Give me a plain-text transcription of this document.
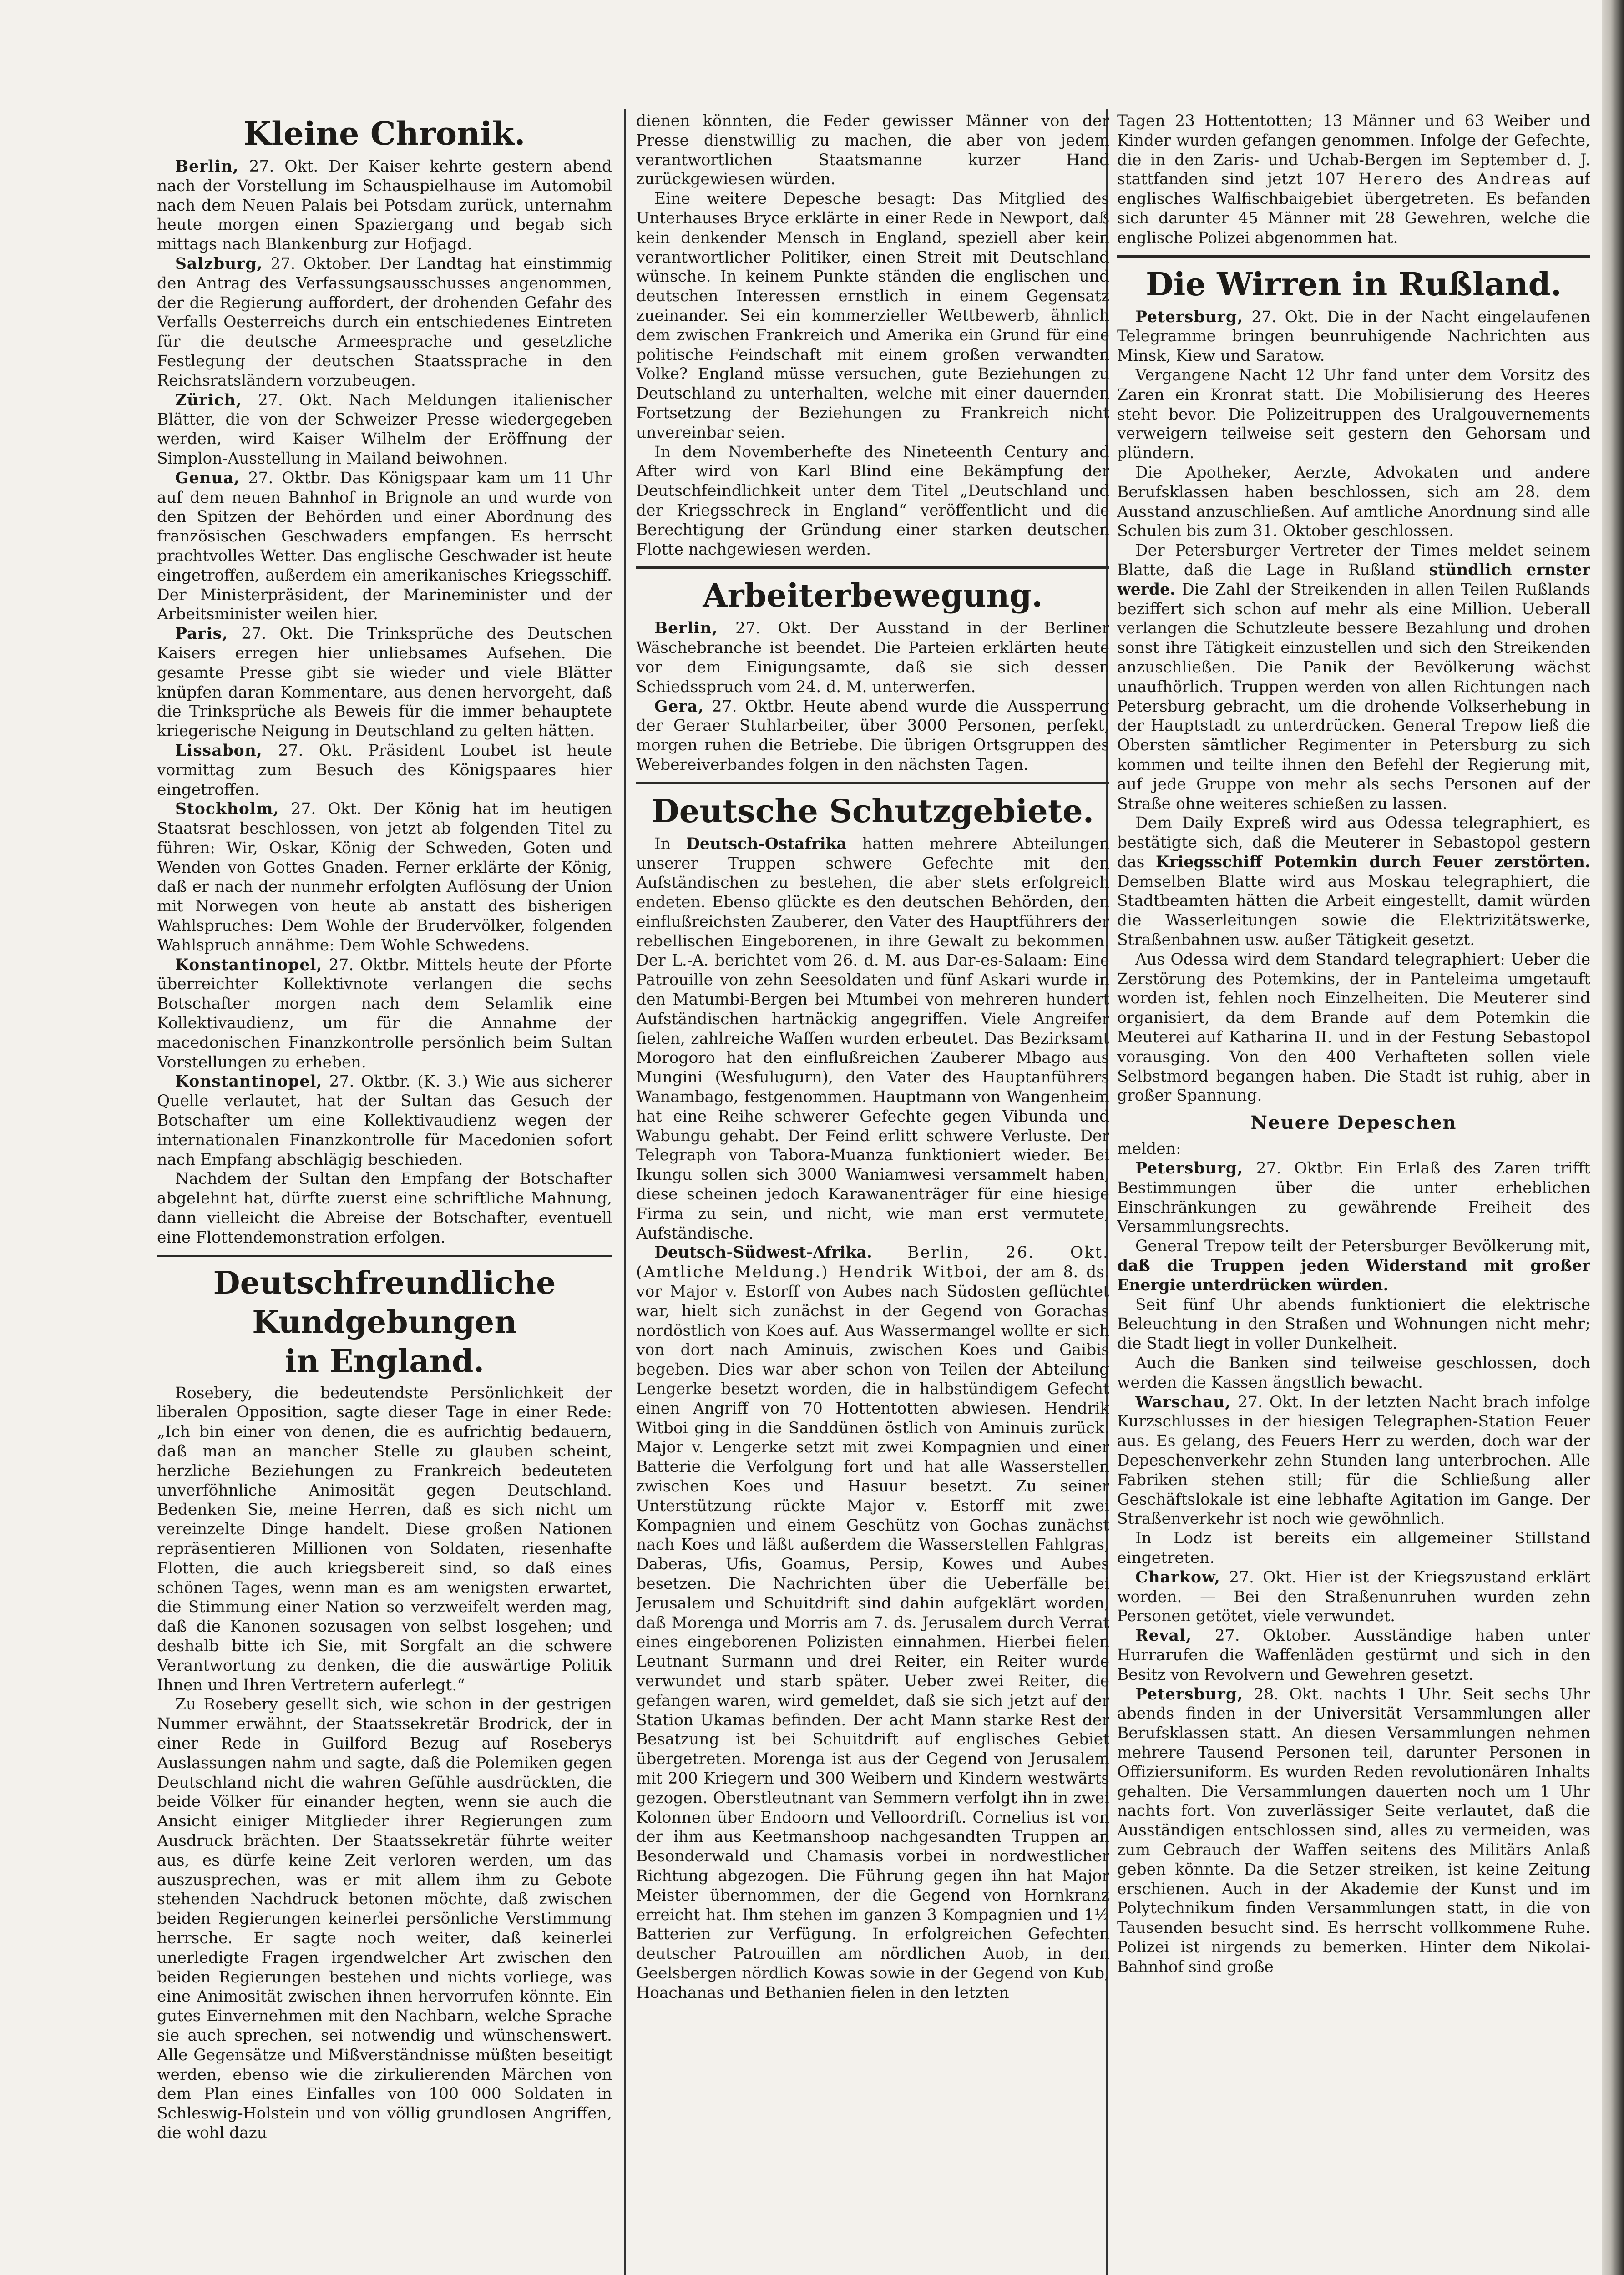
Kleine Chronik.

Berlin, 27. Okt. Der Kaiser kehrte gestern abend nach der Vorstellung im Schauspielhause im Automobil nach dem Neuen Palais bei Potsdam zurück, unternahm heute morgen einen Spaziergang und begab sich mittags nach Blankenburg zur Hofjagd.

Salzburg, 27. Oktober. Der Landtag hat einstimmig den Antrag des Verfassungsausschusses angenommen, der die Regierung auffordert, der drohenden Gefahr des Verfalls Oesterreichs durch ein entschiedenes Eintreten für die deutsche Armeesprache und gesetzliche Festlegung der deutschen Staatssprache in den Reichsratsländern vorzubeugen.

Zürich, 27. Okt. Nach Meldungen italienischer Blätter, die von der Schweizer Presse wiedergegeben werden, wird Kaiser Wilhelm der Eröffnung der Simplon-Ausstellung in Mailand beiwohnen.

Genua, 27. Oktbr. Das Königspaar kam um 11 Uhr auf dem neuen Bahnhof in Brignole an und wurde von den Spitzen der Behörden und einer Abordnung des französischen Geschwaders empfangen. Es herrscht prachtvolles Wetter. Das englische Geschwader ist heute eingetroffen, außerdem ein amerikanisches Kriegsschiff. Der Ministerpräsident, der Marineminister und der Arbeitsminister weilen hier.

Paris, 27. Okt. Die Trinksprüche des Deutschen Kaisers erregen hier unliebsames Aufsehen. Die gesamte Presse gibt sie wieder und viele Blätter knüpfen daran Kommentare, aus denen hervorgeht, daß die Trinksprüche als Beweis für die immer behauptete kriegerische Neigung in Deutschland zu gelten hätten.

Lissabon, 27. Okt. Präsident Loubet ist heute vormittag zum Besuch des Königspaares hier eingetroffen.

Stockholm, 27. Okt. Der König hat im heutigen Staatsrat beschlossen, von jetzt ab folgenden Titel zu führen: Wir, Oskar, König der Schweden, Goten und Wenden von Gottes Gnaden. Ferner erklärte der König, daß er nach der nunmehr erfolgten Auflösung der Union mit Norwegen von heute ab anstatt des bisherigen Wahlspruches: Dem Wohle der Brudervölker, folgenden Wahlspruch annähme: Dem Wohle Schwedens.

Konstantinopel, 27. Oktbr. Mittels heute der Pforte überreichter Kollektivnote verlangen die sechs Botschafter morgen nach dem Selamlik eine Kollektivaudienz, um für die Annahme der macedonischen Finanzkontrolle persönlich beim Sultan Vorstellungen zu erheben.

Konstantinopel, 27. Oktbr. (K. 3.) Wie aus sicherer Quelle verlautet, hat der Sultan das Gesuch der Botschafter um eine Kollektivaudienz wegen der internationalen Finanzkontrolle für Macedonien sofort nach Empfang abschlägig beschieden.

Nachdem der Sultan den Empfang der Botschafter abgelehnt hat, dürfte zuerst eine schriftliche Mahnung, dann vielleicht die Abreise der Botschafter, eventuell eine Flottendemonstration erfolgen.

Deutschfreundliche Kundgebungen
in England.

Rosebery, die bedeutendste Persönlichkeit der liberalen Opposition, sagte dieser Tage in einer Rede: „Ich bin einer von denen, die es aufrichtig bedauern, daß man an mancher Stelle zu glauben scheint, herzliche Beziehungen zu Frankreich bedeuteten unverföhnliche Animosität gegen Deutschland. Bedenken Sie, meine Herren, daß es sich nicht um vereinzelte Dinge handelt. Diese großen Nationen repräsentieren Millionen von Soldaten, riesenhafte Flotten, die auch kriegsbereit sind, so daß eines schönen Tages, wenn man es am wenigsten erwartet, die Stimmung einer Nation so verzweifelt werden mag, daß die Kanonen sozusagen von selbst losgehen; und deshalb bitte ich Sie, mit Sorgfalt an die schwere Verantwortung zu denken, die die auswärtige Politik Ihnen und Ihren Vertretern auferlegt.“

Zu Rosebery gesellt sich, wie schon in der gestrigen Nummer erwähnt, der Staatssekretär Brodrick, der in einer Rede in Guilford Bezug auf Roseberys Auslassungen nahm und sagte, daß die Polemiken gegen Deutschland nicht die wahren Gefühle ausdrückten, die beide Völker für einander hegten, wenn sie auch die Ansicht einiger Mitglieder ihrer Regierungen zum Ausdruck brächten. Der Staatssekretär führte weiter aus, es dürfe keine Zeit verloren werden, um das auszusprechen, was er mit allem ihm zu Gebote stehenden Nachdruck betonen möchte, daß zwischen beiden Regierungen keinerlei persönliche Verstimmung herrsche. Er sagte noch weiter, daß keinerlei unerledigte Fragen irgendwelcher Art zwischen den beiden Regierungen bestehen und nichts vorliege, was eine Animosität zwischen ihnen hervorrufen könnte. Ein gutes Einvernehmen mit den Nachbarn, welche Sprache sie auch sprechen, sei notwendig und wünschenswert. Alle Gegensätze und Mißverständnisse müßten beseitigt werden, ebenso wie die zirkulierenden Märchen von dem Plan eines Einfalles von 100 000 Soldaten in Schleswig-Holstein und von völlig grundlosen Angriffen, die wohl dazu

dienen könnten, die Feder gewisser Männer von der Presse dienstwillig zu machen, die aber von jedem verantwortlichen Staatsmanne kurzer Hand zurückgewiesen würden.

Eine weitere Depesche besagt: Das Mitglied des Unterhauses Bryce erklärte in einer Rede in Newport, daß kein denkender Mensch in England, speziell aber kein verantwortlicher Politiker, einen Streit mit Deutschland wünsche. In keinem Punkte ständen die englischen und deutschen Interessen ernstlich in einem Gegensatz zueinander. Sei ein kommerzieller Wettbewerb, ähnlich dem zwischen Frankreich und Amerika ein Grund für eine politische Feindschaft mit einem großen verwandten Volke? England müsse versuchen, gute Beziehungen zu Deutschland zu unterhalten, welche mit einer dauernden Fortsetzung der Beziehungen zu Frankreich nicht unvereinbar seien.

In dem Novemberhefte des Nineteenth Century and After wird von Karl Blind eine Bekämpfung der Deutschfeindlichkeit unter dem Titel „Deutschland und der Kriegsschreck in England“ veröffentlicht und die Berechtigung der Gründung einer starken deutschen Flotte nachgewiesen werden.

Arbeiterbewegung.

Berlin, 27. Okt. Der Ausstand in der Berliner Wäschebranche ist beendet. Die Parteien erklärten heute vor dem Einigungsamte, daß sie sich dessen Schiedsspruch vom 24. d. M. unterwerfen.

Gera, 27. Oktbr. Heute abend wurde die Aussperrung der Geraer Stuhlarbeiter, über 3000 Personen, perfekt, morgen ruhen die Betriebe. Die übrigen Ortsgruppen des Webereiverbandes folgen in den nächsten Tagen.

Deutsche Schutzgebiete.

In Deutsch-Ostafrika hatten mehrere Abteilungen unserer Truppen schwere Gefechte mit den Aufständischen zu bestehen, die aber stets erfolgreich endeten. Ebenso glückte es den deutschen Behörden, den einflußreichsten Zauberer, den Vater des Hauptführers der rebellischen Eingeborenen, in ihre Gewalt zu bekommen. Der L.-A. berichtet vom 26. d. M. aus Dar-es-Salaam: Eine Patrouille von zehn Seesoldaten und fünf Askari wurde in den Matumbi-Bergen bei Mtumbei von mehreren hundert Aufständischen hartnäckig angegriffen. Viele Angreifer fielen, zahlreiche Waffen wurden erbeutet. Das Bezirksamt Morogoro hat den einflußreichen Zauberer Mbago aus Mungini (Wesfulugurn), den Vater des Hauptanführers Wanambago, festgenommen. Hauptmann von Wangenheim hat eine Reihe schwerer Gefechte gegen Vibunda und Wabungu gehabt. Der Feind erlitt schwere Verluste. Der Telegraph von Tabora-Muanza funktioniert wieder. Bei Ikungu sollen sich 3000 Waniamwesi versammelt haben, diese scheinen jedoch Karawanenträger für eine hiesige Firma zu sein, und nicht, wie man erst vermutete, Aufständische.

Deutsch-Südwest-Afrika. Berlin, 26. Okt. (Amtliche Meldung.) Hendrik Witboi, der am 8. ds. vor Major v. Estorff von Aubes nach Südosten geflüchtet war, hielt sich zunächst in der Gegend von Gorachas nordöstlich von Koes auf. Aus Wassermangel wollte er sich von dort nach Aminuis, zwischen Koes und Gaibis begeben. Dies war aber schon von Teilen der Abteilung Lengerke besetzt worden, die in halbstündigem Gefecht einen Angriff von 70 Hottentotten abwiesen. Hendrik Witboi ging in die Sanddünen östlich von Aminuis zurück. Major v. Lengerke setzt mit zwei Kompagnien und einer Batterie die Verfolgung fort und hat alle Wasserstellen zwischen Koes und Hasuur besetzt. Zu seiner Unterstützung rückte Major v. Estorff mit zwei Kompagnien und einem Geschütz von Gochas zunächst nach Koes und läßt außerdem die Wasserstellen Fahlgras, Daberas, Ufis, Goamus, Persip, Kowes und Aubes besetzen. Die Nachrichten über die Ueberfälle bei Jerusalem und Schuitdrift sind dahin aufgeklärt worden, daß Morenga und Morris am 7. ds. Jerusalem durch Verrat eines eingeborenen Polizisten einnahmen. Hierbei fielen Leutnant Surmann und drei Reiter, ein Reiter wurde verwundet und starb später. Ueber zwei Reiter, die gefangen waren, wird gemeldet, daß sie sich jetzt auf der Station Ukamas befinden. Der acht Mann starke Rest der Besatzung ist bei Schuitdrift auf englisches Gebiet übergetreten. Morenga ist aus der Gegend von Jerusalem mit 200 Kriegern und 300 Weibern und Kindern westwärts gezogen. Oberstleutnant van Semmern verfolgt ihn in zwei Kolonnen über Endoorn und Velloordrift. Cornelius ist von der ihm aus Keetmanshoop nachgesandten Truppen an Besonderwald und Chamasis vorbei in nordwestlicher Richtung abgezogen. Die Führung gegen ihn hat Major Meister übernommen, der die Gegend von Hornkranz erreicht hat. Ihm stehen im ganzen 3 Kompagnien und 1½ Batterien zur Verfügung. In erfolgreichen Gefechten deutscher Patrouillen am nördlichen Auob, in den Geelsbergen nördlich Kowas sowie in der Gegend von Kub, Hoachanas und Bethanien fielen in den letzten

Tagen 23 Hottentotten; 13 Männer und 63 Weiber und Kinder wurden gefangen genommen. Infolge der Gefechte, die in den Zaris- und Uchab-Bergen im September d. J. stattfanden sind jetzt 107 Herero des Andreas auf englisches Walfischbaigebiet übergetreten. Es befanden sich darunter 45 Männer mit 28 Gewehren, welche die englische Polizei abgenommen hat.

Die Wirren in Rußland.

Petersburg, 27. Okt. Die in der Nacht eingelaufenen Telegramme bringen beunruhigende Nachrichten aus Minsk, Kiew und Saratow.

Vergangene Nacht 12 Uhr fand unter dem Vorsitz des Zaren ein Kronrat statt. Die Mobilisierung des Heeres steht bevor. Die Polizeitruppen des Uralgouvernements verweigern teilweise seit gestern den Gehorsam und plündern.

Die Apotheker, Aerzte, Advokaten und andere Berufsklassen haben beschlossen, sich am 28. dem Ausstand anzuschließen. Auf amtliche Anordnung sind alle Schulen bis zum 31. Oktober geschlossen.

Der Petersburger Vertreter der Times meldet seinem Blatte, daß die Lage in Rußland stündlich ernster werde. Die Zahl der Streikenden in allen Teilen Rußlands beziffert sich schon auf mehr als eine Million. Ueberall verlangen die Schutzleute bessere Bezahlung und drohen sonst ihre Tätigkeit einzustellen und sich den Streikenden anzuschließen. Die Panik der Bevölkerung wächst unaufhörlich. Truppen werden von allen Richtungen nach Petersburg gebracht, um die drohende Volkserhebung in der Hauptstadt zu unterdrücken. General Trepow ließ die Obersten sämtlicher Regimenter in Petersburg zu sich kommen und teilte ihnen den Befehl der Regierung mit, auf jede Gruppe von mehr als sechs Personen auf der Straße ohne weiteres schießen zu lassen.

Dem Daily Expreß wird aus Odessa telegraphiert, es bestätigte sich, daß die Meuterer in Sebastopol gestern das Kriegsschiff Potemkin durch Feuer zerstörten. Demselben Blatte wird aus Moskau telegraphiert, die Stadtbeamten hätten die Arbeit eingestellt, damit würden die Wasserleitungen sowie die Elektrizitätswerke, Straßenbahnen usw. außer Tätigkeit gesetzt.

Aus Odessa wird dem Standard telegraphiert: Ueber die Zerstörung des Potemkins, der in Panteleima umgetauft worden ist, fehlen noch Einzelheiten. Die Meuterer sind organisiert, da dem Brande auf dem Potemkin die Meuterei auf Katharina II. und in der Festung Sebastopol vorausging. Von den 400 Verhafteten sollen viele Selbstmord begangen haben. Die Stadt ist ruhig, aber in großer Spannung.

Neuere Depeschen

melden:

Petersburg, 27. Oktbr. Ein Erlaß des Zaren trifft Bestimmungen über die unter erheblichen Einschränkungen zu gewährende Freiheit des Versammlungsrechts.

General Trepow teilt der Petersburger Bevölkerung mit, daß die Truppen jeden Widerstand mit großer Energie unterdrücken würden.

Seit fünf Uhr abends funktioniert die elektrische Beleuchtung in den Straßen und Wohnungen nicht mehr; die Stadt liegt in voller Dunkelheit.

Auch die Banken sind teilweise geschlossen, doch werden die Kassen ängstlich bewacht.

Warschau, 27. Okt. In der letzten Nacht brach infolge Kurzschlusses in der hiesigen Telegraphen-Station Feuer aus. Es gelang, des Feuers Herr zu werden, doch war der Depeschenverkehr zehn Stunden lang unterbrochen. Alle Fabriken stehen still; für die Schließung aller Geschäftslokale ist eine lebhafte Agitation im Gange. Der Straßenverkehr ist noch wie gewöhnlich.

In Lodz ist bereits ein allgemeiner Stillstand eingetreten.

Charkow, 27. Okt. Hier ist der Kriegszustand erklärt worden. — Bei den Straßenunruhen wurden zehn Personen getötet, viele verwundet.

Reval, 27. Oktober. Ausständige haben unter Hurrarufen die Waffenläden gestürmt und sich in den Besitz von Revolvern und Gewehren gesetzt.

Petersburg, 28. Okt. nachts 1 Uhr. Seit sechs Uhr abends finden in der Universität Versammlungen aller Berufsklassen statt. An diesen Versammlungen nehmen mehrere Tausend Personen teil, darunter Personen in Offiziersuniform. Es wurden Reden revolutionären Inhalts gehalten. Die Versammlungen dauerten noch um 1 Uhr nachts fort. Von zuverlässiger Seite verlautet, daß die Ausständigen entschlossen sind, alles zu vermeiden, was zum Gebrauch der Waffen seitens des Militärs Anlaß geben könnte. Da die Setzer streiken, ist keine Zeitung erschienen. Auch in der Akademie der Kunst und im Polytechnikum finden Versammlungen statt, in die von Tausenden besucht sind. Es herrscht vollkommene Ruhe. Polizei ist nirgends zu bemerken. Hinter dem Nikolai-Bahnhof sind große
